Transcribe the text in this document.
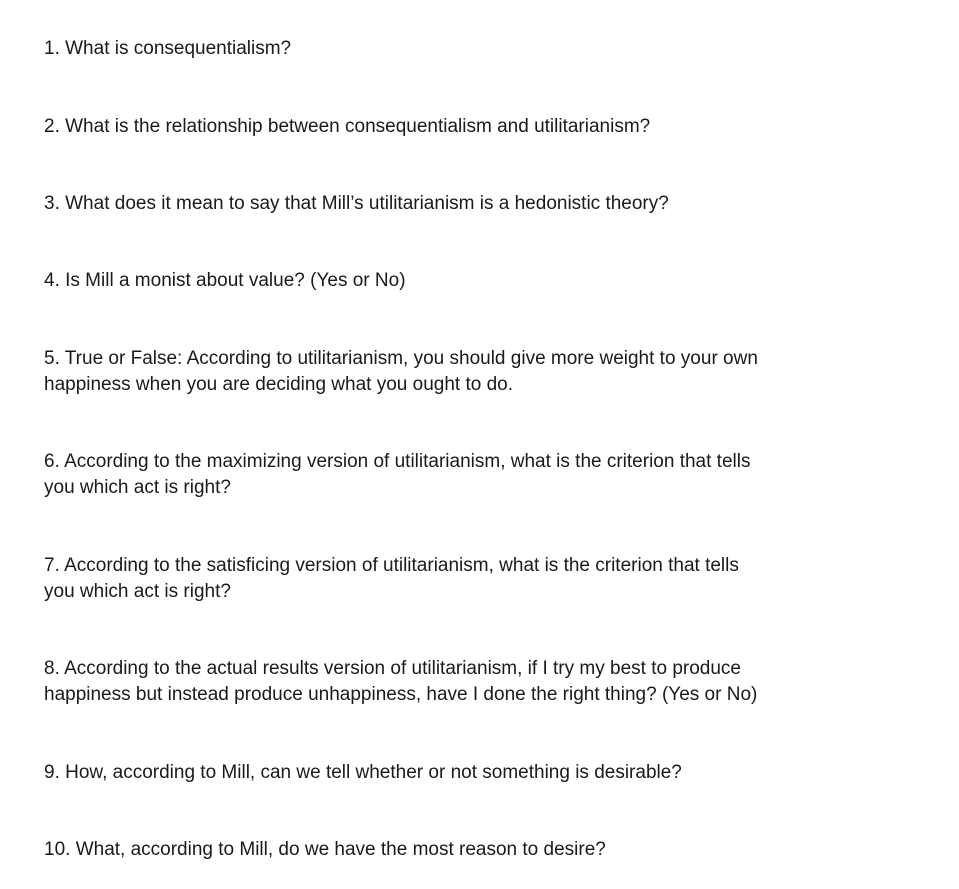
1. What is consequentialism?

2. What is the relationship between consequentialism and utilitarianism?

3. What does it mean to say that Mill’s utilitarianism is a hedonistic theory?

4. Is Mill a monist about value? (Yes or No)

5. True or False: According to utilitarianism, you should give more weight to your own
happiness when you are deciding what you ought to do.

6. According to the maximizing version of utilitarianism, what is the criterion that tells
you which act is right?

7. According to the satisficing version of utilitarianism, what is the criterion that tells
you which act is right?

8. According to the actual results version of utilitarianism, if I try my best to produce
happiness but instead produce unhappiness, have I done the right thing? (Yes or No)

9. How, according to Mill, can we tell whether or not something is desirable?

10. What, according to Mill, do we have the most reason to desire?
